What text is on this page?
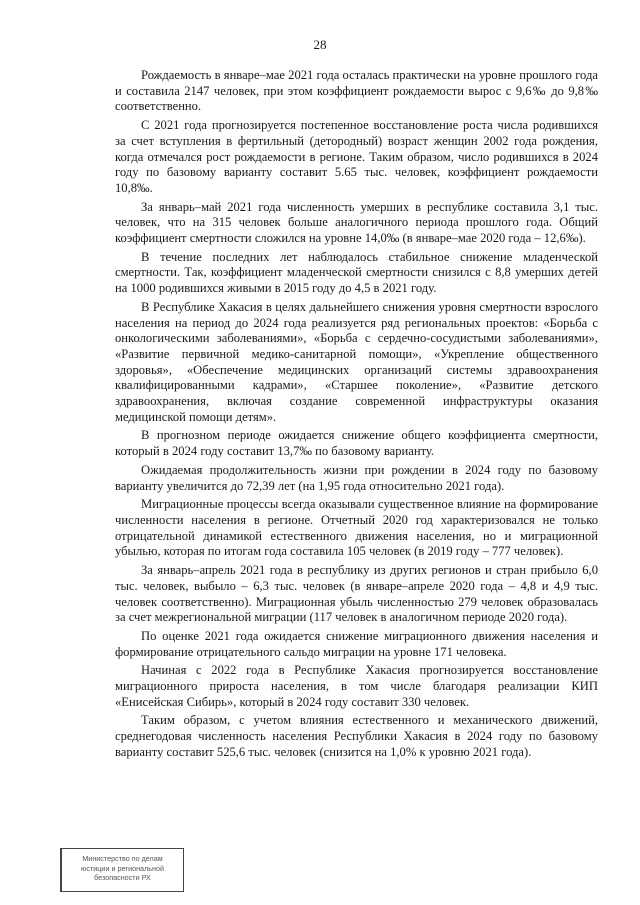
28

Рождаемость в январе–мае 2021 года осталась практически на уровне прошлого года и составила 2147 человек, при этом коэффициент рождаемости вырос с 9,6‰ до 9,8‰ соответственно.

С 2021 года прогнозируется постепенное восстановление роста числа родившихся за счет вступления в фертильный (детородный) возраст женщин 2002 года рождения, когда отмечался рост рождаемости в регионе. Таким образом, число родившихся в 2024 году по базовому варианту составит 5.65 тыс. человек, коэффициент рождаемости 10,8‰.

За январь–май 2021 года численность умерших в республике составила 3,1 тыс. человек, что на 315 человек больше аналогичного периода прошлого года. Общий коэффициент смертности сложился на уровне 14,0‰ (в январе–мае 2020 года – 12,6‰).

В течение последних лет наблюдалось стабильное снижение младенческой смертности. Так, коэффициент младенческой смертности снизился с 8,8 умерших детей на 1000 родившихся живыми в 2015 году до 4,5 в 2021 году.

В Республике Хакасия в целях дальнейшего снижения уровня смертности взрослого населения на период до 2024 года реализуется ряд региональных проектов: «Борьба с онкологическими заболеваниями», «Борьба с сердечно-сосудистыми заболеваниями», «Развитие первичной медико-санитарной помощи», «Укрепление общественного здоровья», «Обеспечение медицинских организаций системы здравоохранения квалифицированными кадрами», «Старшее поколение», «Развитие детского здравоохранения, включая создание современной инфраструктуры оказания медицинской помощи детям».

В прогнозном периоде ожидается снижение общего коэффициента смертности, который в 2024 году составит 13,7‰ по базовому варианту.

Ожидаемая продолжительность жизни при рождении в 2024 году по базовому варианту увеличится до 72,39 лет (на 1,95 года относительно 2021 года).

Миграционные процессы всегда оказывали существенное влияние на формирование численности населения в регионе. Отчетный 2020 год характеризовался не только отрицательной динамикой естественного движения населения, но и миграционной убылью, которая по итогам года составила 105 человек (в 2019 году – 777 человек).

За январь–апрель 2021 года в республику из других регионов и стран прибыло 6,0 тыс. человек, выбыло – 6,3 тыс. человек (в январе–апреле 2020 года – 4,8 и 4,9 тыс. человек соответственно). Миграционная убыль численностью 279 человек образовалась за счет межрегиональной миграции (117 человек в аналогичном периоде 2020 года).

По оценке 2021 года ожидается снижение миграционного движения населения и формирование отрицательного сальдо миграции на уровне 171 человека.

Начиная с 2022 года в Республике Хакасия прогнозируется восстановление миграционного прироста населения, в том числе благодаря реализации КИП «Енисейская Сибирь», который в 2024 году составит 330 человек.

Таким образом, с учетом влияния естественного и механического движений, среднегодовая численность населения Республики Хакасия в 2024 году по базовому варианту составит 525,6 тыс. человек (снизится на 1,0% к уровню 2021 года).

Министерство по делам
юстиции и региональной
безопасности РХ
